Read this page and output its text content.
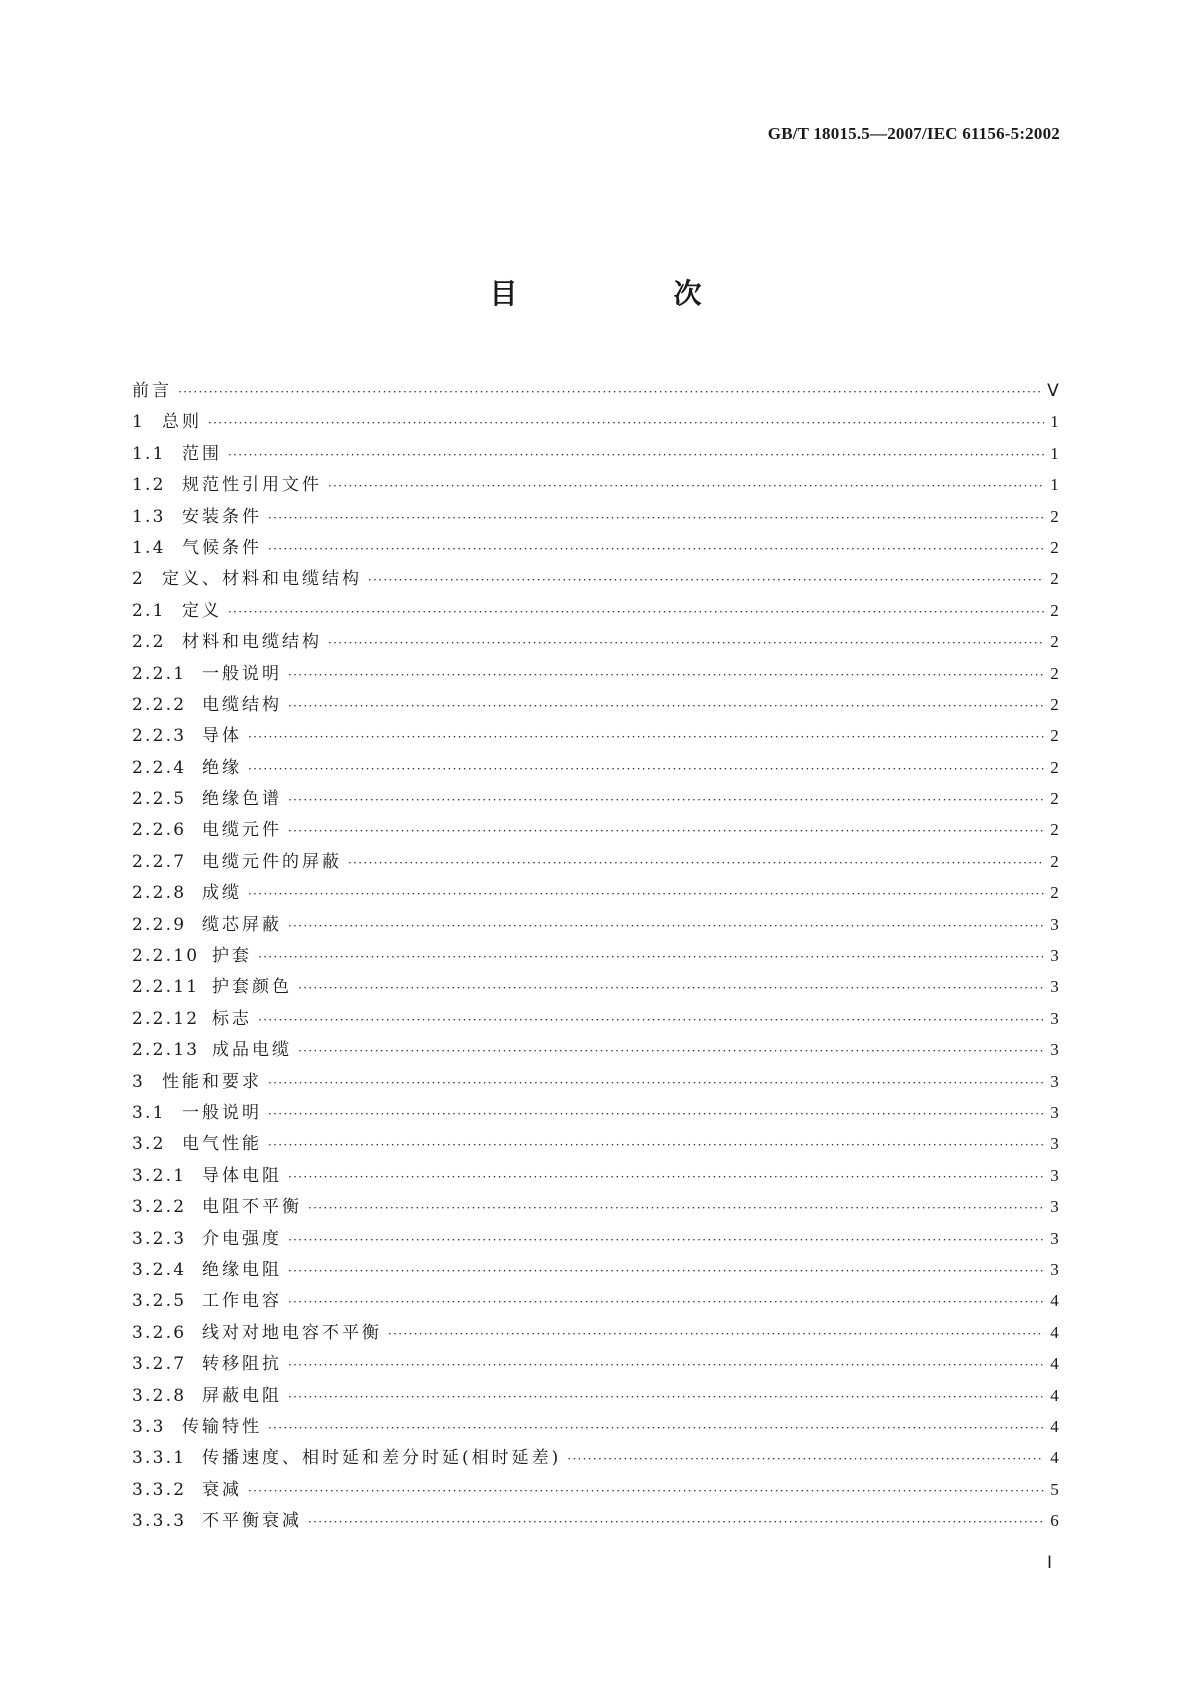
GB/T 18015.5—2007/IEC 61156-5:2002
目　次
前言 ·····	Ⅴ
1 总则 ·····	1
1.1 范围 ·····	1
1.2 规范性引用文件 ·····	1
1.3 安装条件 ·····	2
1.4 气候条件 ·····	2
2 定义、材料和电缆结构 ·····	2
2.1 定义 ·····	2
2.2 材料和电缆结构 ·····	2
2.2.1 一般说明 ·····	2
2.2.2 电缆结构 ·····	2
2.2.3 导体 ·····	2
2.2.4 绝缘 ·····	2
2.2.5 绝缘色谱 ·····	2
2.2.6 电缆元件 ·····	2
2.2.7 电缆元件的屏蔽 ·····	2
2.2.8 成缆 ·····	2
2.2.9 缆芯屏蔽 ·····	3
2.2.10 护套 ·····	3
2.2.11 护套颜色 ·····	3
2.2.12 标志 ·····	3
2.2.13 成品电缆 ·····	3
3 性能和要求 ·····	3
3.1 一般说明 ·····	3
3.2 电气性能 ·····	3
3.2.1 导体电阻 ·····	3
3.2.2 电阻不平衡 ·····	3
3.2.3 介电强度 ·····	3
3.2.4 绝缘电阻 ·····	3
3.2.5 工作电容 ·····	4
3.2.6 线对对地电容不平衡 ·····	4
3.2.7 转移阻抗 ·····	4
3.2.8 屏蔽电阻 ·····	4
3.3 传输特性 ·····	4
3.3.1 传播速度、相时延和差分时延(相时延差) ·····	4
3.3.2 衰减 ·····	5
3.3.3 不平衡衰减 ·····	6
Ⅰ
